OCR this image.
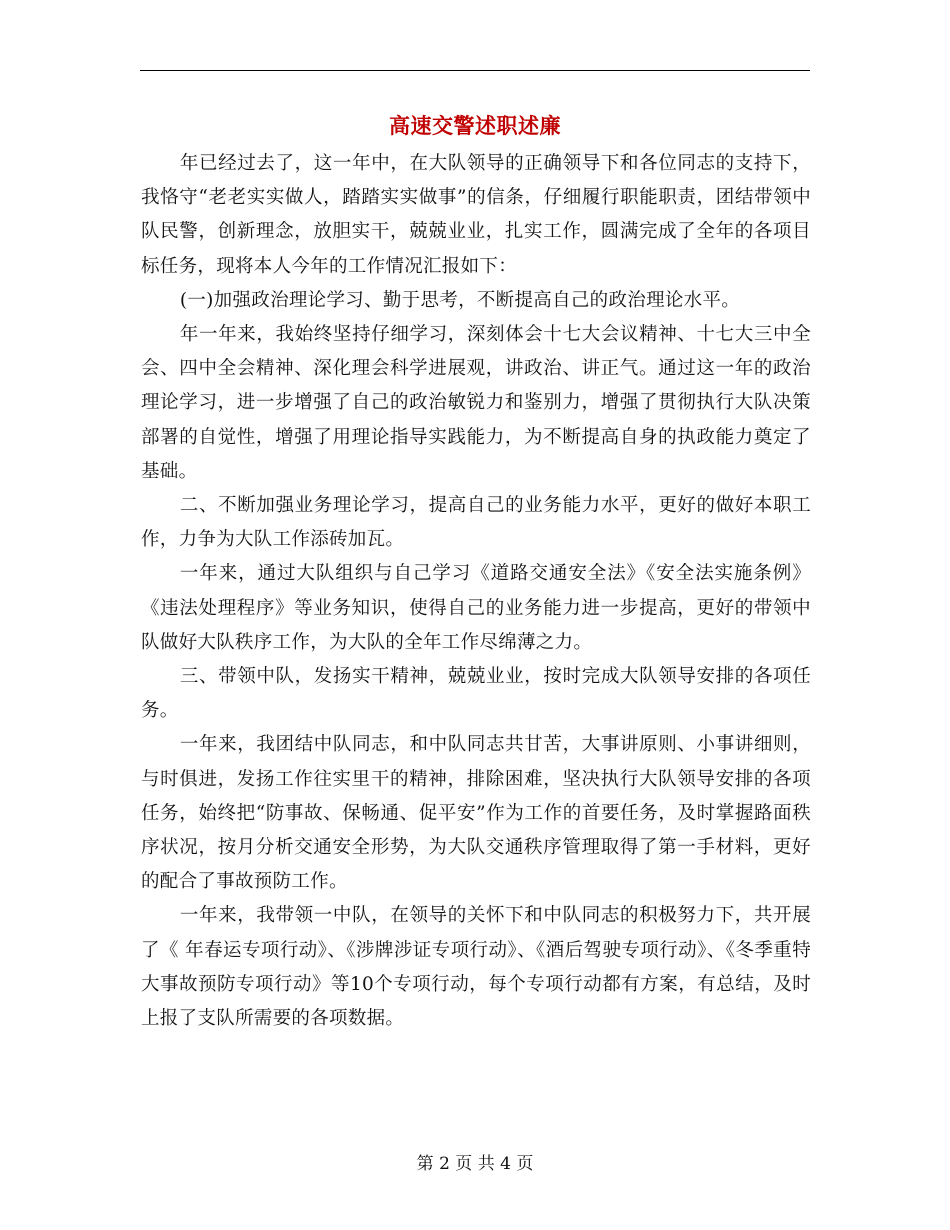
高速交警述职述廉

年已经过去了，这一年中，在大队领导的正确领导下和各位同志的支持下，我恪守“老老实实做人，踏踏实实做事”的信条，仔细履行职能职责，团结带领中队民警，创新理念，放胆实干，兢兢业业，扎实工作，圆满完成了全年的各项目标任务，现将本人今年的工作情况汇报如下：

(一)加强政治理论学习、勤于思考，不断提高自己的政治理论水平。

年一年来，我始终坚持仔细学习，深刻体会十七大会议精神、十七大三中全会、四中全会精神、深化理会科学进展观，讲政治、讲正气。通过这一年的政治理论学习，进一步增强了自己的政治敏锐力和鉴别力，增强了贯彻执行大队决策部署的自觉性，增强了用理论指导实践能力，为不断提高自身的执政能力奠定了基础。

二、不断加强业务理论学习，提高自己的业务能力水平，更好的做好本职工作，力争为大队工作添砖加瓦。

一年来，通过大队组织与自己学习《道路交通安全法》《安全法实施条例》《违法处理程序》等业务知识，使得自己的业务能力进一步提高，更好的带领中队做好大队秩序工作，为大队的全年工作尽绵薄之力。

三、带领中队，发扬实干精神，兢兢业业，按时完成大队领导安排的各项任务。

一年来，我团结中队同志，和中队同志共甘苦，大事讲原则、小事讲细则，与时俱进，发扬工作往实里干的精神，排除困难，坚决执行大队领导安排的各项任务，始终把“防事故、保畅通、促平安”作为工作的首要任务，及时掌握路面秩序状况，按月分析交通安全形势，为大队交通秩序管理取得了第一手材料，更好的配合了事故预防工作。

一年来，我带领一中队，在领导的关怀下和中队同志的积极努力下，共开展了《 年春运专项行动》、《涉牌涉证专项行动》、《酒后驾驶专项行动》、《冬季重特大事故预防专项行动》等10个专项行动，每个专项行动都有方案，有总结，及时上报了支队所需要的各项数据。

第 2 页 共 4 页
